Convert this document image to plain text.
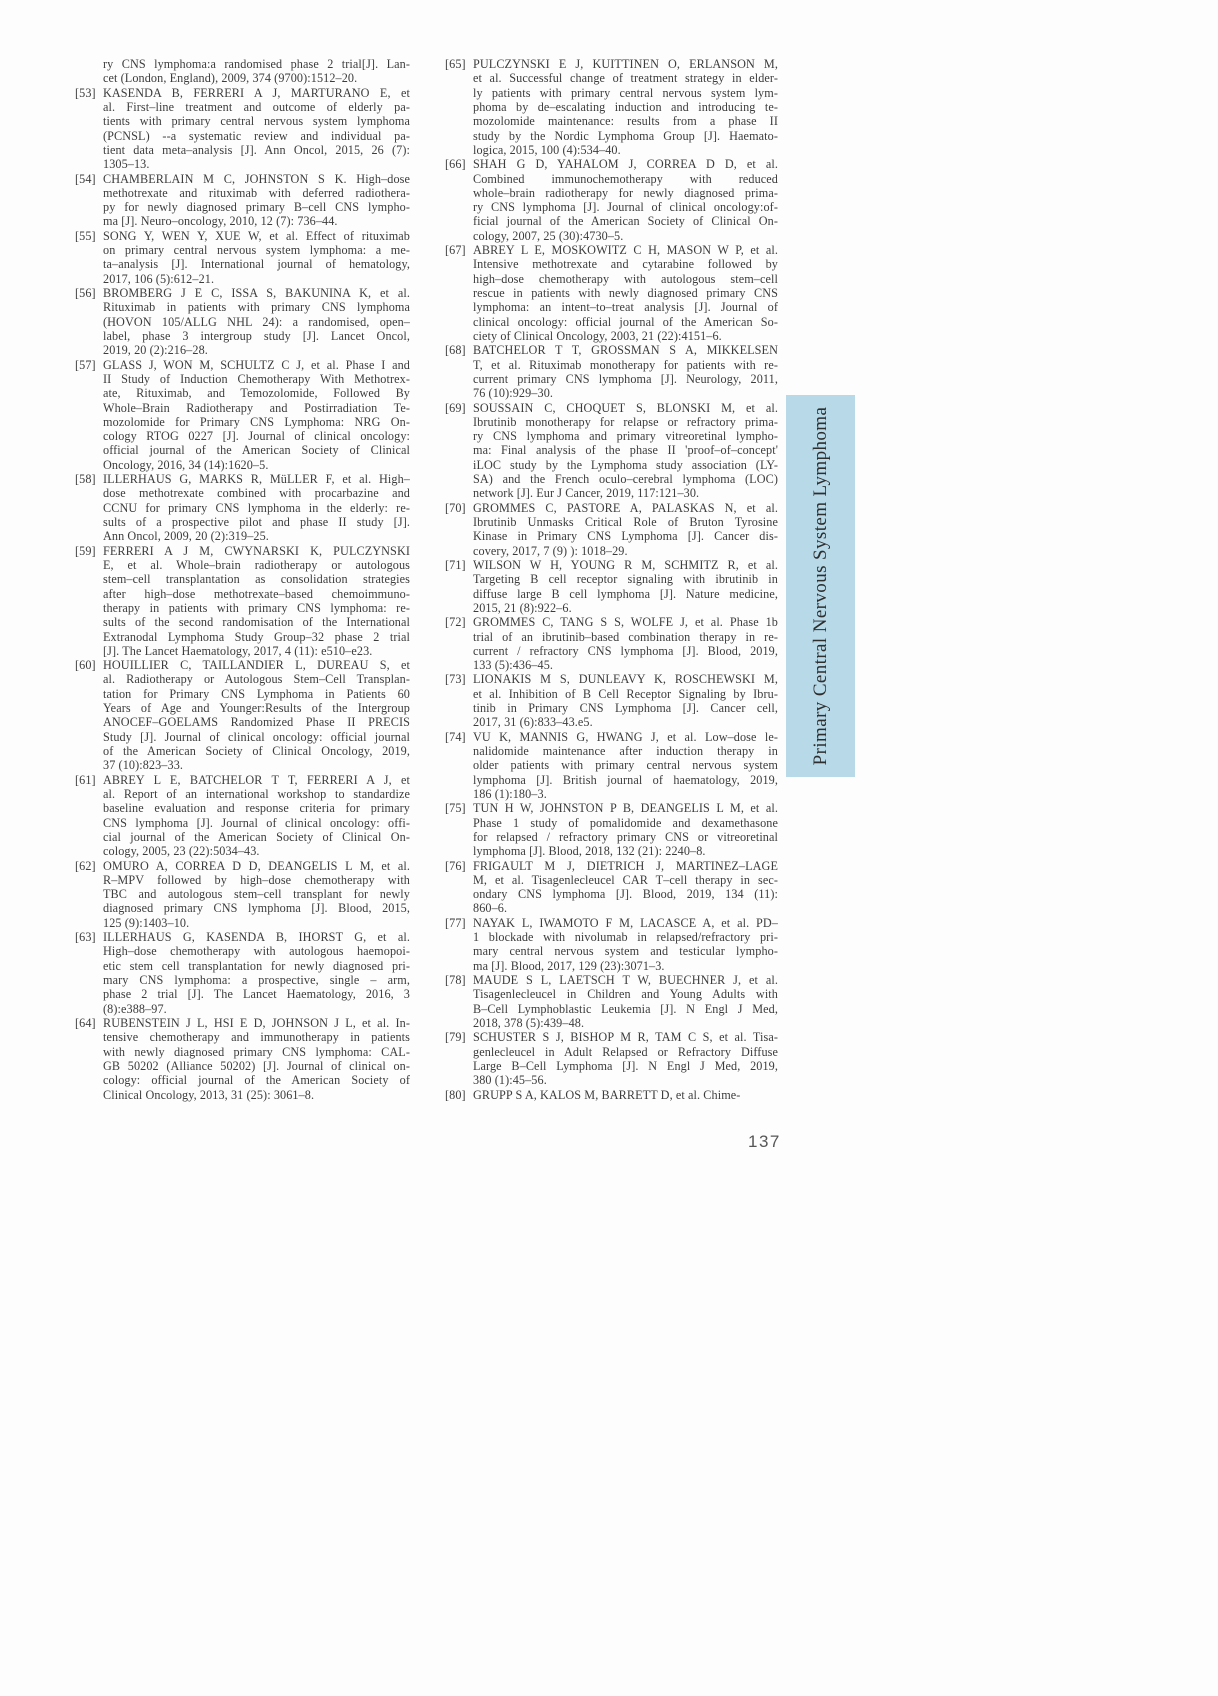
ry CNS lymphoma:a randomised phase 2 trial[J]. Lan-
cet (London, England), 2009, 374 (9700):1512–20.
[53] KASENDA B, FERRERI A J, MARTURANO E, et
al. First–line treatment and outcome of elderly pa-
tients with primary central nervous system lymphoma
(PCNSL) --a systematic review and individual pa-
tient data meta–analysis [J]. Ann Oncol, 2015, 26 (7):
1305–13.
[54] CHAMBERLAIN M C, JOHNSTON S K. High–dose
methotrexate and rituximab with deferred radiothera-
py for newly diagnosed primary B–cell CNS lympho-
ma [J]. Neuro–oncology, 2010, 12 (7): 736–44.
[55] SONG Y, WEN Y, XUE W, et al. Effect of rituximab
on primary central nervous system lymphoma: a me-
ta–analysis [J]. International journal of hematology,
2017, 106 (5):612–21.
[56] BROMBERG J E C, ISSA S, BAKUNINA K, et al.
Rituximab in patients with primary CNS lymphoma
(HOVON 105/ALLG NHL 24): a randomised, open–
label, phase 3 intergroup study [J]. Lancet Oncol,
2019, 20 (2):216–28.
[57] GLASS J, WON M, SCHULTZ C J, et al. Phase I and
II Study of Induction Chemotherapy With Methotrex-
ate, Rituximab, and Temozolomide, Followed By
Whole–Brain Radiotherapy and Postirradiation Te-
mozolomide for Primary CNS Lymphoma: NRG On-
cology RTOG 0227 [J]. Journal of clinical oncology:
official journal of the American Society of Clinical
Oncology, 2016, 34 (14):1620–5.
[58] ILLERHAUS G, MARKS R, MüLLER F, et al. High–
dose methotrexate combined with procarbazine and
CCNU for primary CNS lymphoma in the elderly: re-
sults of a prospective pilot and phase II study [J].
Ann Oncol, 2009, 20 (2):319–25.
[59] FERRERI A J M, CWYNARSKI K, PULCZYNSKI
E, et al. Whole–brain radiotherapy or autologous
stem–cell transplantation as consolidation strategies
after high–dose methotrexate–based chemoimmuno-
therapy in patients with primary CNS lymphoma: re-
sults of the second randomisation of the International
Extranodal Lymphoma Study Group–32 phase 2 trial
[J]. The Lancet Haematology, 2017, 4 (11): e510–e23.
[60] HOUILLIER C, TAILLANDIER L, DUREAU S, et
al. Radiotherapy or Autologous Stem–Cell Transplan-
tation for Primary CNS Lymphoma in Patients 60
Years of Age and Younger:Results of the Intergroup
ANOCEF–GOELAMS Randomized Phase II PRECIS
Study [J]. Journal of clinical oncology: official journal
of the American Society of Clinical Oncology, 2019,
37 (10):823–33.
[61] ABREY L E, BATCHELOR T T, FERRERI A J, et
al. Report of an international workshop to standardize
baseline evaluation and response criteria for primary
CNS lymphoma [J]. Journal of clinical oncology: offi-
cial journal of the American Society of Clinical On-
cology, 2005, 23 (22):5034–43.
[62] OMURO A, CORREA D D, DEANGELIS L M, et al.
R–MPV followed by high–dose chemotherapy with
TBC and autologous stem–cell transplant for newly
diagnosed primary CNS lymphoma [J]. Blood, 2015,
125 (9):1403–10.
[63] ILLERHAUS G, KASENDA B, IHORST G, et al.
High–dose chemotherapy with autologous haemopoi-
etic stem cell transplantation for newly diagnosed pri-
mary CNS lymphoma: a prospective, single – arm,
phase 2 trial [J]. The Lancet Haematology, 2016, 3
(8):e388–97.
[64] RUBENSTEIN J L, HSI E D, JOHNSON J L, et al. In-
tensive chemotherapy and immunotherapy in patients
with newly diagnosed primary CNS lymphoma: CAL-
GB 50202 (Alliance 50202) [J]. Journal of clinical on-
cology: official journal of the American Society of
Clinical Oncology, 2013, 31 (25): 3061–8.
[65] PULCZYNSKI E J, KUITTINEN O, ERLANSON M,
et al. Successful change of treatment strategy in elder-
ly patients with primary central nervous system lym-
phoma by de–escalating induction and introducing te-
mozolomide maintenance: results from a phase II
study by the Nordic Lymphoma Group [J]. Haemato-
logica, 2015, 100 (4):534–40.
[66] SHAH G D, YAHALOM J, CORREA D D, et al.
Combined immunochemotherapy with reduced
whole–brain radiotherapy for newly diagnosed prima-
ry CNS lymphoma [J]. Journal of clinical oncology:of-
ficial journal of the American Society of Clinical On-
cology, 2007, 25 (30):4730–5.
[67] ABREY L E, MOSKOWITZ C H, MASON W P, et al.
Intensive methotrexate and cytarabine followed by
high–dose chemotherapy with autologous stem–cell
rescue in patients with newly diagnosed primary CNS
lymphoma: an intent–to–treat analysis [J]. Journal of
clinical oncology: official journal of the American So-
ciety of Clinical Oncology, 2003, 21 (22):4151–6.
[68] BATCHELOR T T, GROSSMAN S A, MIKKELSEN
T, et al. Rituximab monotherapy for patients with re-
current primary CNS lymphoma [J]. Neurology, 2011,
76 (10):929–30.
[69] SOUSSAIN C, CHOQUET S, BLONSKI M, et al.
Ibrutinib monotherapy for relapse or refractory prima-
ry CNS lymphoma and primary vitreoretinal lympho-
ma: Final analysis of the phase II 'proof–of–concept'
iLOC study by the Lymphoma study association (LY-
SA) and the French oculo–cerebral lymphoma (LOC)
network [J]. Eur J Cancer, 2019, 117:121–30.
[70] GROMMES C, PASTORE A, PALASKAS N, et al.
Ibrutinib Unmasks Critical Role of Bruton Tyrosine
Kinase in Primary CNS Lymphoma [J]. Cancer dis-
covery, 2017, 7 (9) ): 1018–29.
[71] WILSON W H, YOUNG R M, SCHMITZ R, et al.
Targeting B cell receptor signaling with ibrutinib in
diffuse large B cell lymphoma [J]. Nature medicine,
2015, 21 (8):922–6.
[72] GROMMES C, TANG S S, WOLFE J, et al. Phase 1b
trial of an ibrutinib–based combination therapy in re-
current / refractory CNS lymphoma [J]. Blood, 2019,
133 (5):436–45.
[73] LIONAKIS M S, DUNLEAVY K, ROSCHEWSKI M,
et al. Inhibition of B Cell Receptor Signaling by Ibru-
tinib in Primary CNS Lymphoma [J]. Cancer cell,
2017, 31 (6):833–43.e5.
[74] VU K, MANNIS G, HWANG J, et al. Low–dose le-
nalidomide maintenance after induction therapy in
older patients with primary central nervous system
lymphoma [J]. British journal of haematology, 2019,
186 (1):180–3.
[75] TUN H W, JOHNSTON P B, DEANGELIS L M, et al.
Phase 1 study of pomalidomide and dexamethasone
for relapsed / refractory primary CNS or vitreoretinal
lymphoma [J]. Blood, 2018, 132 (21): 2240–8.
[76] FRIGAULT M J, DIETRICH J, MARTINEZ–LAGE
M, et al. Tisagenlecleucel CAR T–cell therapy in sec-
ondary CNS lymphoma [J]. Blood, 2019, 134 (11):
860–6.
[77] NAYAK L, IWAMOTO F M, LACASCE A, et al. PD–
1 blockade with nivolumab in relapsed/refractory pri-
mary central nervous system and testicular lympho-
ma [J]. Blood, 2017, 129 (23):3071–3.
[78] MAUDE S L, LAETSCH T W, BUECHNER J, et al.
Tisagenlecleucel in Children and Young Adults with
B–Cell Lymphoblastic Leukemia [J]. N Engl J Med,
2018, 378 (5):439–48.
[79] SCHUSTER S J, BISHOP M R, TAM C S, et al. Tisa-
genlecleucel in Adult Relapsed or Refractory Diffuse
Large B–Cell Lymphoma [J]. N Engl J Med, 2019,
380 (1):45–56.
[80] GRUPP S A, KALOS M, BARRETT D, et al. Chime-
Primary Central Nervous System Lymphoma
137
